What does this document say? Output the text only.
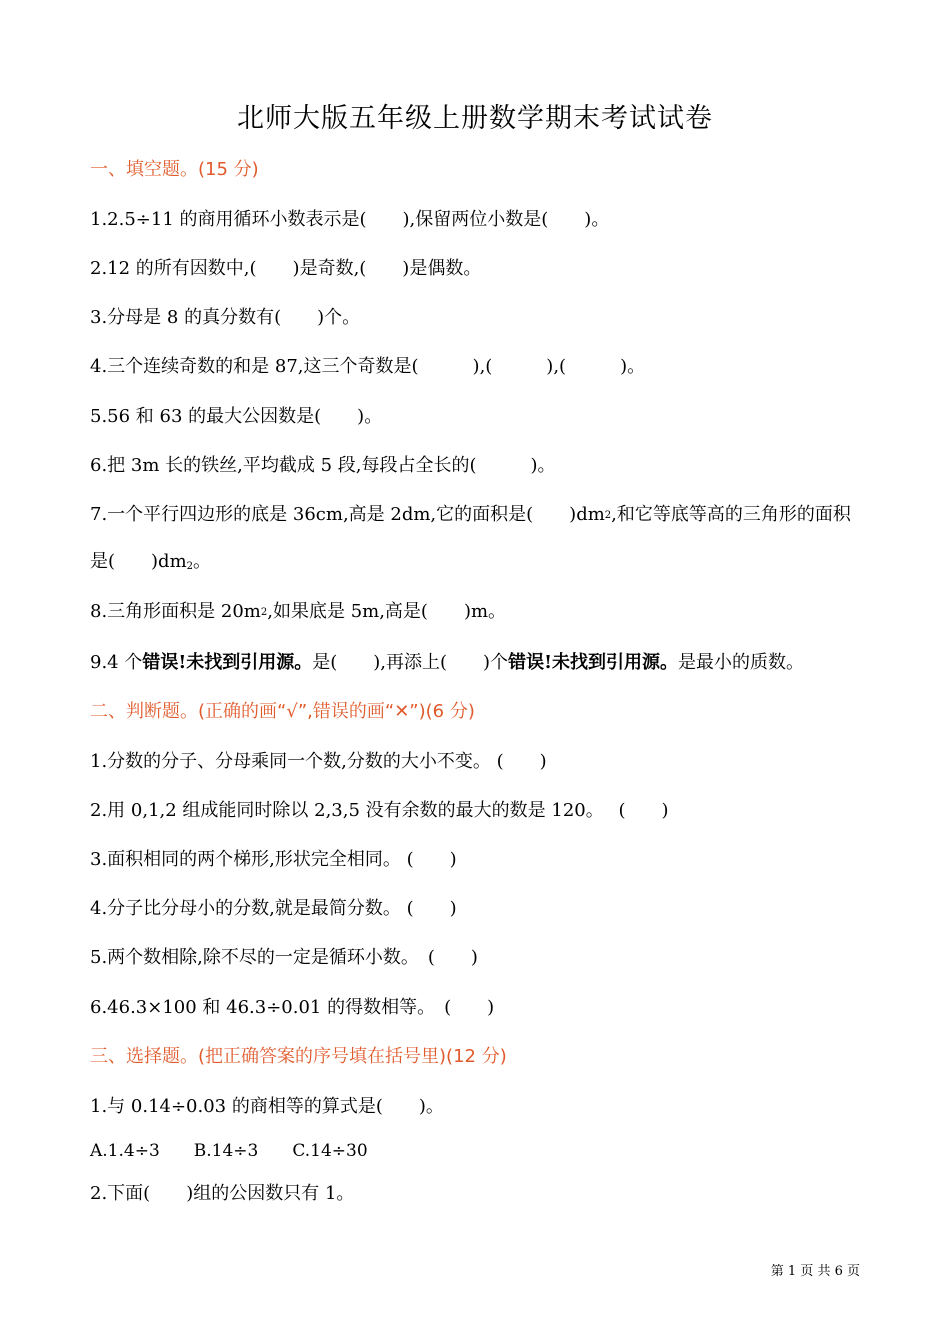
北师大版五年级上册数学期末考试试卷
一、填空题。(15 分)
1.2.5÷11 的商用循环小数表示是(　　),保留两位小数是(　　)。
2.12 的所有因数中,(　　)是奇数,(　　)是偶数。
3.分母是 8 的真分数有(　　)个。
4.三个连续奇数的和是 87,这三个奇数是(　　　),(　　　),(　　　)。
5.56 和 63 的最大公因数是(　　)。
6.把 3m 长的铁丝,平均截成 5 段,每段占全长的(　　　)。
7.一个平行四边形的底是 36cm,高是 2dm,它的面积是(　　)$dm^2$,和它等底等高的三角形的面积
是(　　)$dm_2$。
8.三角形面积是 $20m^2$,如果底是 5m,高是(　　)m。
9.4 个错误!未找到引用源。是(　　),再添上(　　)个错误!未找到引用源。是最小的质数。
二、判断题。(正确的画“√”,错误的画“✕”)(6 分)
1.分数的分子、分母乘同一个数,分数的大小不变。 (　　)
2.用 0,1,2 组成能同时除以 2,3,5 没有余数的最大的数是 120。　 (　　)
3.面积相同的两个梯形,形状完全相同。 (　　)
4.分子比分母小的分数,就是最简分数。 (　　)
5.两个数相除,除不尽的一定是循环小数。　(　　)
6.46.3×100 和 46.3÷0.01 的得数相等。　(　　)
三、选择题。(把正确答案的序号填在括号里)(12 分)
1.与 0.14÷0.03 的商相等的算式是(　　)。
A.1.4÷3　　B.14÷3　　C.14÷30
2.下面(　　)组的公因数只有 1。
第 1 页 共 6 页
